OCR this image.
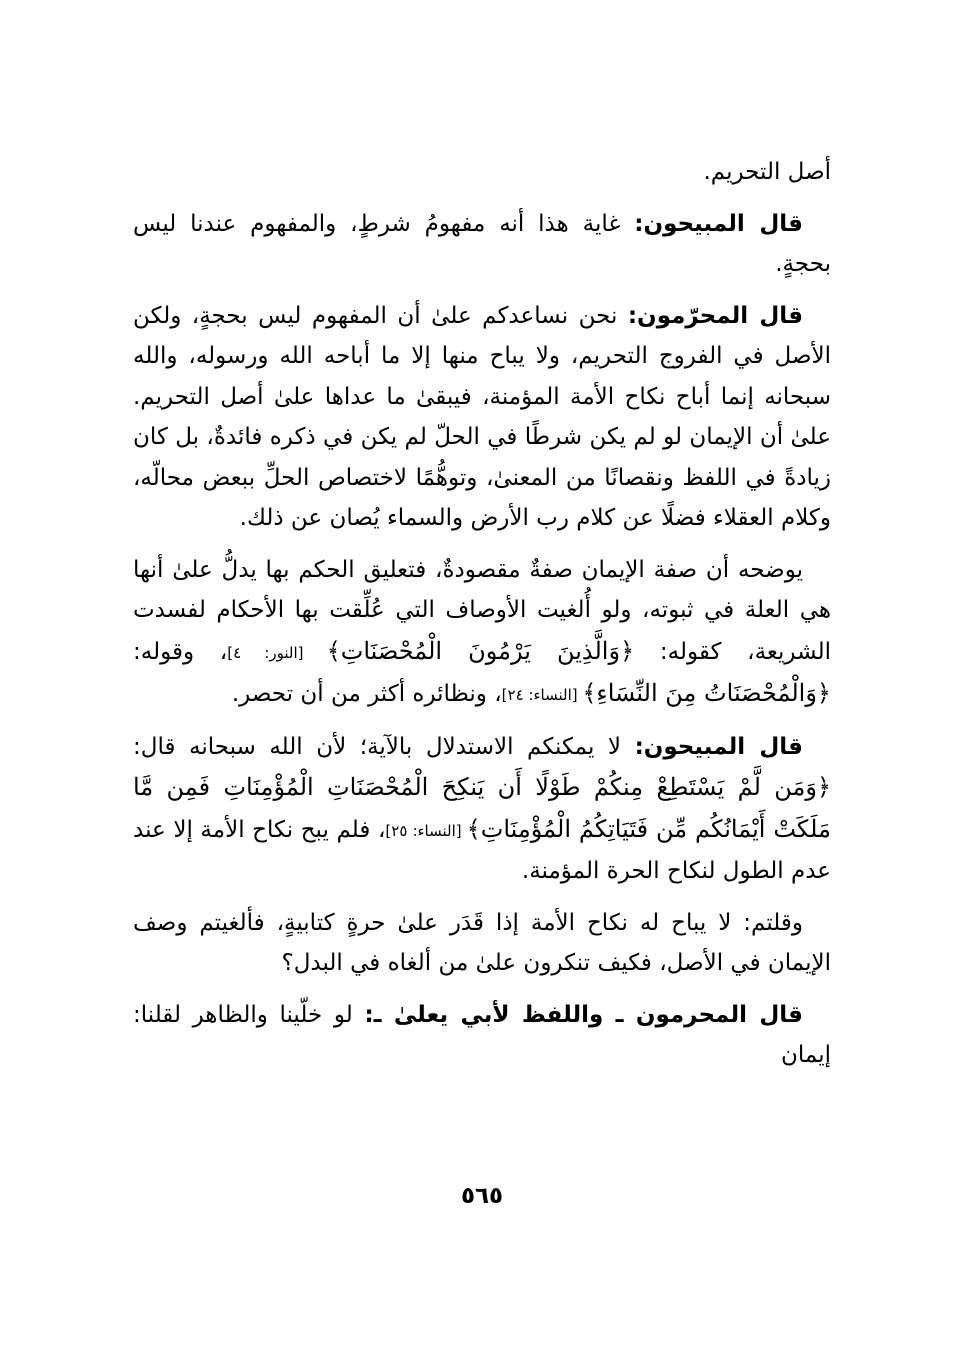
أصل التحريم.

قال المبيحون: غاية هذا أنه مفهومُ شرطٍ، والمفهوم عندنا ليس بحجةٍ.

قال المحرّمون: نحن نساعدكم علىٰ أن المفهوم ليس بحجةٍ، ولكن الأصل في الفروج التحريم، ولا يباح منها إلا ما أباحه الله ورسوله، والله سبحانه إنما أباح نكاح الأمة المؤمنة، فيبقىٰ ما عداها علىٰ أصل التحريم. علىٰ أن الإيمان لو لم يكن شرطًا في الحلّ لم يكن في ذكره فائدةٌ، بل كان زيادةً في اللفظ ونقصانًا من المعنىٰ، وتوهُّمًا لاختصاص الحلِّ ببعض محالّه، وكلام العقلاء فضلًا عن كلام رب الأرض والسماء يُصان عن ذلك.

يوضحه أن صفة الإيمان صفةٌ مقصودةٌ، فتعليق الحكم بها يدلُّ علىٰ أنها هي العلة في ثبوته، ولو أُلغيت الأوصاف التي عُلِّقت بها الأحكام لفسدت الشريعة، كقوله: ﴿وَالَّذِينَ يَرْمُونَ الْمُحْصَنَاتِ﴾ [النور: ٤]، وقوله: ﴿وَالْمُحْصَنَاتُ مِنَ النِّسَاءِ﴾ [النساء: ٢٤]، ونظائره أكثر من أن تحصر.

قال المبيحون: لا يمكنكم الاستدلال بالآية؛ لأن الله سبحانه قال: ﴿وَمَن لَّمْ يَسْتَطِعْ مِنكُمْ طَوْلًا أَن يَنكِحَ الْمُحْصَنَاتِ الْمُؤْمِنَاتِ فَمِن مَّا مَلَكَتْ أَيْمَانُكُم مِّن فَتَيَاتِكُمُ الْمُؤْمِنَاتِ﴾ [النساء: ٢٥]، فلم يبح نكاح الأمة إلا عند عدم الطول لنكاح الحرة المؤمنة.

وقلتم: لا يباح له نكاح الأمة إذا قَدَر علىٰ حرةٍ كتابيةٍ، فألغيتم وصف الإيمان في الأصل، فكيف تنكرون علىٰ من ألغاه في البدل؟

قال المحرمون ـ واللفظ لأبي يعلىٰ ـ: لو خلّينا والظاهر لقلنا: إيمان

٥٦٥
